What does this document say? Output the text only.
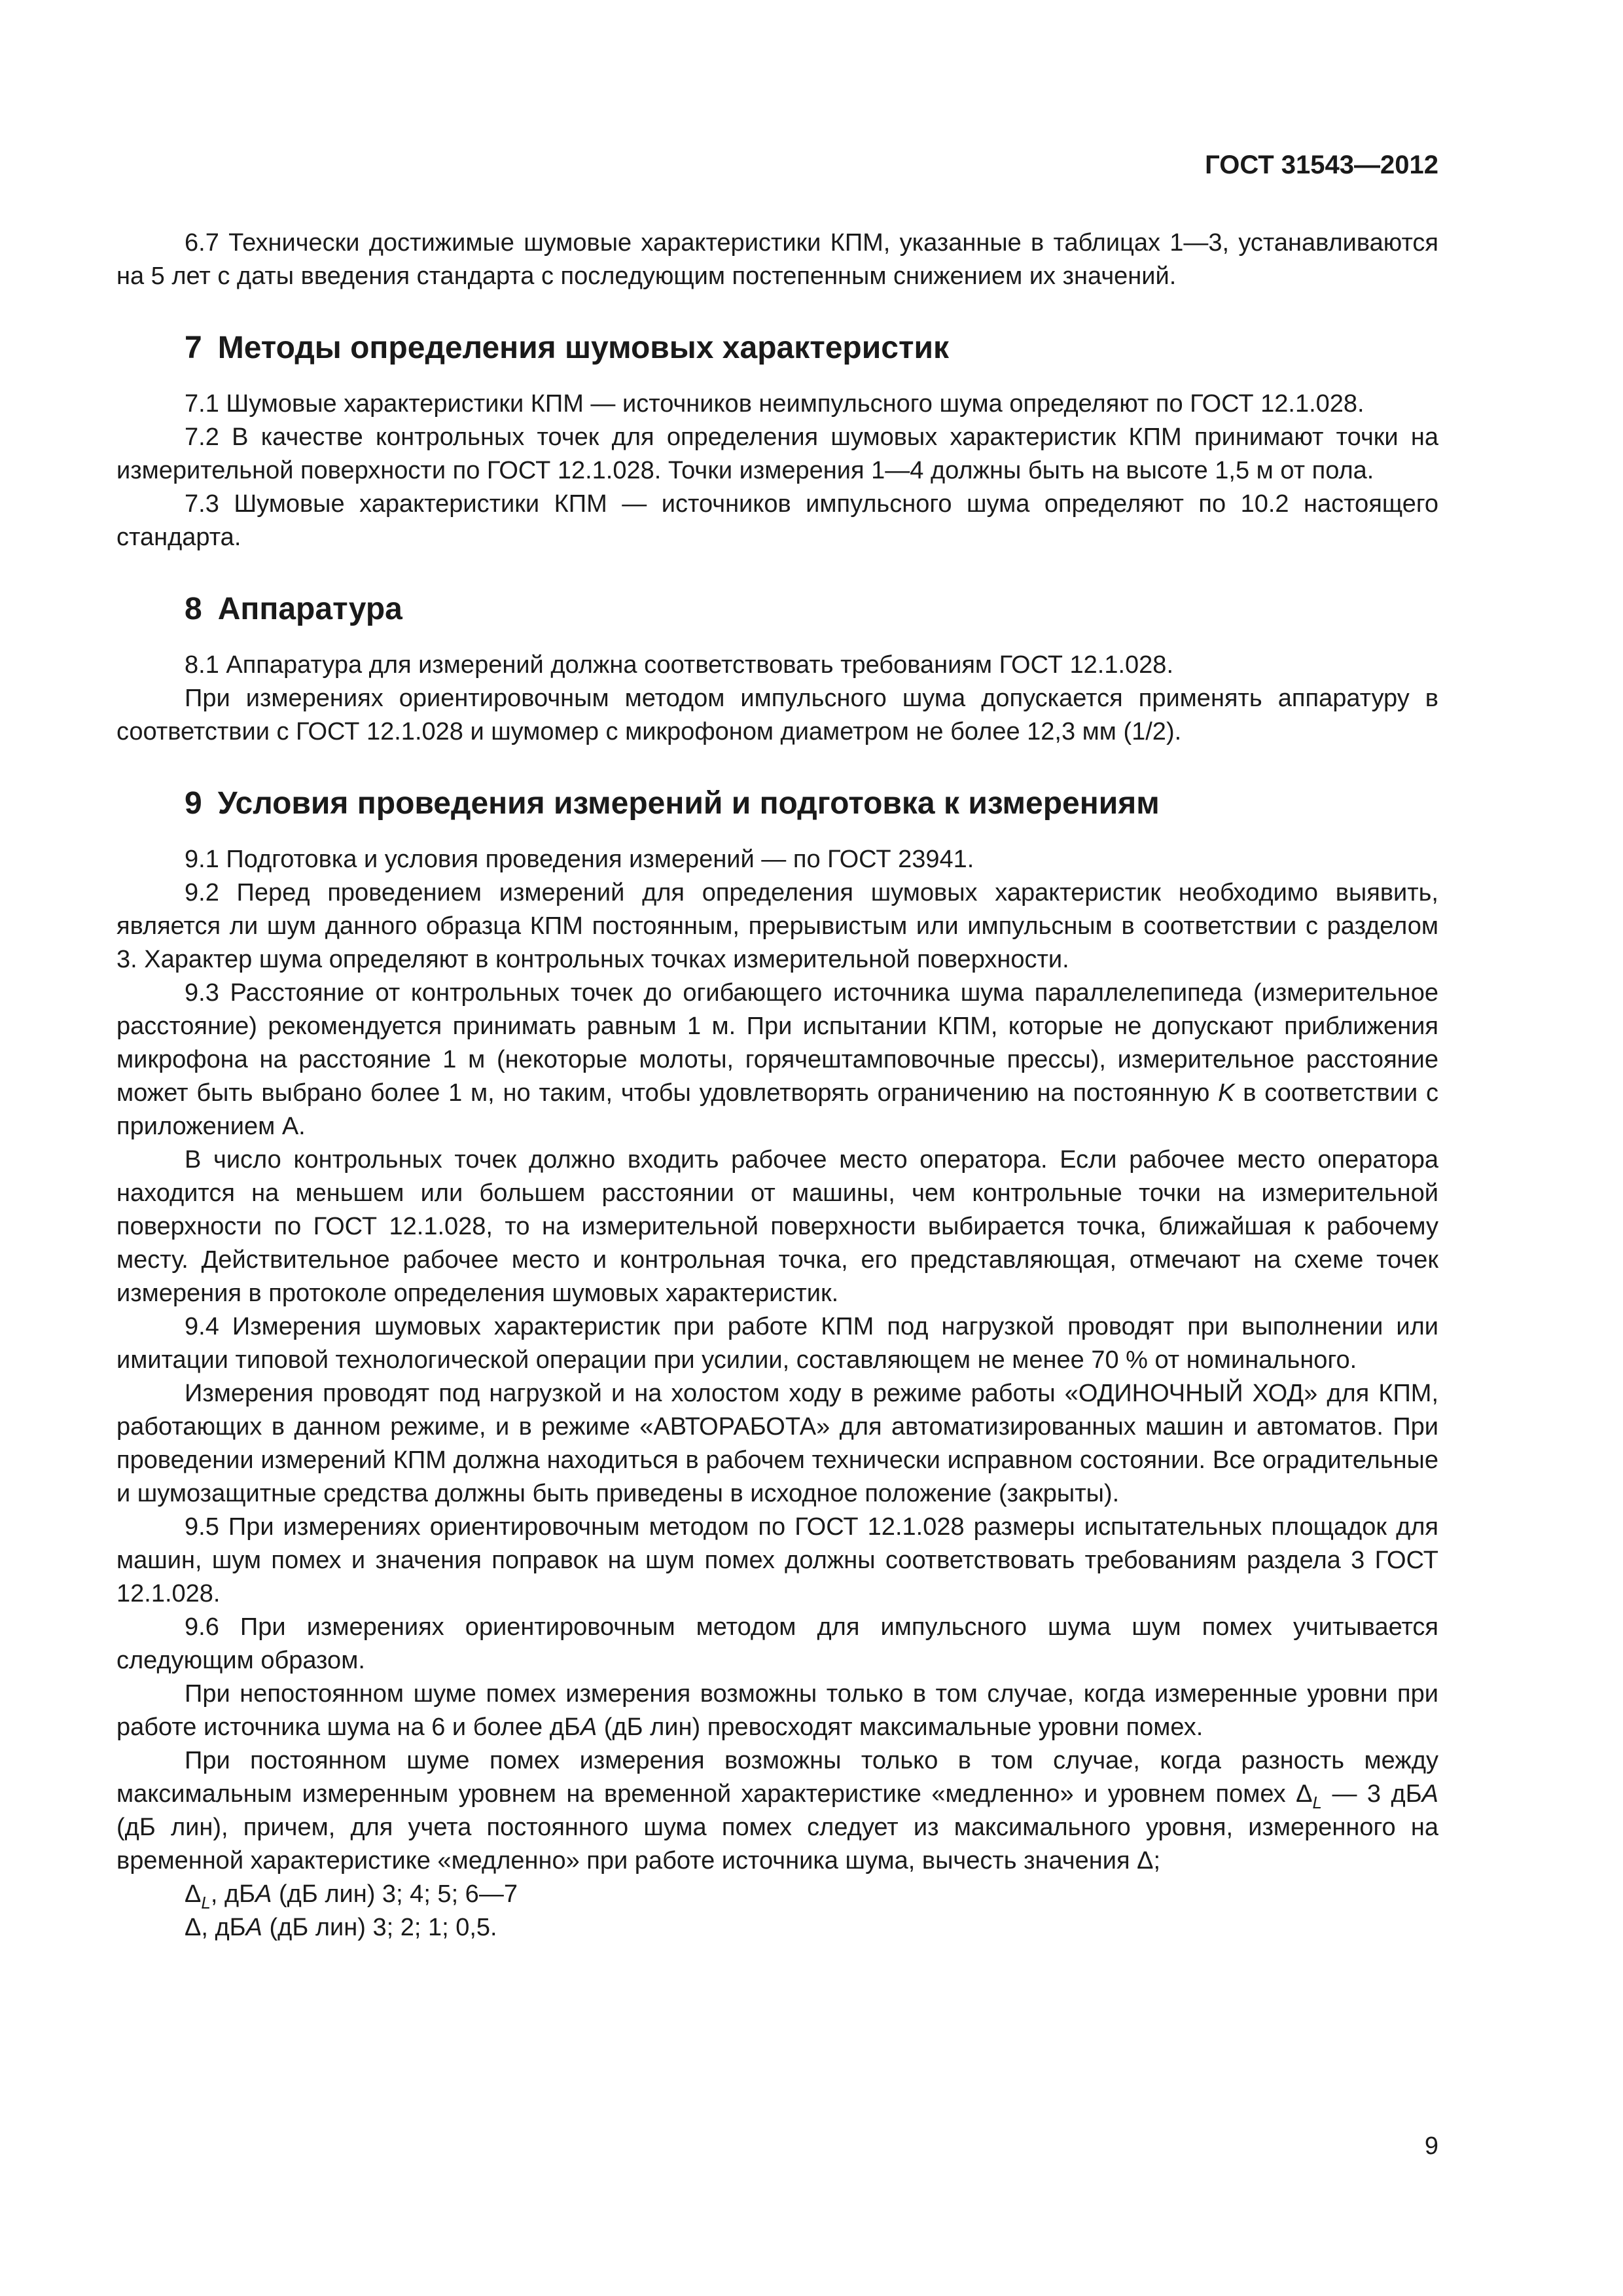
ГОСТ 31543—2012

6.7 Технически достижимые шумовые характеристики КПМ, указанные в таблицах 1—3, устанавливаются на 5 лет с даты введения стандарта с последующим постепенным снижением их значений.

7 Методы определения шумовых характеристик

7.1 Шумовые характеристики КПМ — источников неимпульсного шума определяют по ГОСТ 12.1.028.

7.2 В качестве контрольных точек для определения шумовых характеристик КПМ принимают точки на измерительной поверхности по ГОСТ 12.1.028. Точки измерения 1—4 должны быть на высоте 1,5 м от пола.

7.3 Шумовые характеристики КПМ — источников импульсного шума определяют по 10.2 настоящего стандарта.

8 Аппаратура

8.1 Аппаратура для измерений должна соответствовать требованиям ГОСТ 12.1.028.

При измерениях ориентировочным методом импульсного шума допускается применять аппаратуру в соответствии с ГОСТ 12.1.028 и шумомер с микрофоном диаметром не более 12,3 мм (1/2).

9 Условия проведения измерений и подготовка к измерениям

9.1 Подготовка и условия проведения измерений — по ГОСТ 23941.

9.2 Перед проведением измерений для определения шумовых характеристик необходимо выявить, является ли шум данного образца КПМ постоянным, прерывистым или импульсным в соответствии с разделом 3. Характер шума определяют в контрольных точках измерительной поверхности.

9.3 Расстояние от контрольных точек до огибающего источника шума параллелепипеда (измерительное расстояние) рекомендуется принимать равным 1 м. При испытании КПМ, которые не допускают приближения микрофона на расстояние 1 м (некоторые молоты, горячештамповочные прессы), измерительное расстояние может быть выбрано более 1 м, но таким, чтобы удовлетворять ограничению на постоянную K в соответствии с приложением А.

В число контрольных точек должно входить рабочее место оператора. Если рабочее место оператора находится на меньшем или большем расстоянии от машины, чем контрольные точки на измерительной поверхности по ГОСТ 12.1.028, то на измерительной поверхности выбирается точка, ближайшая к рабочему месту. Действительное рабочее место и контрольная точка, его представляющая, отмечают на схеме точек измерения в протоколе определения шумовых характеристик.

9.4 Измерения шумовых характеристик при работе КПМ под нагрузкой проводят при выполнении или имитации типовой технологической операции при усилии, составляющем не менее 70 % от номинального.

Измерения проводят под нагрузкой и на холостом ходу в режиме работы «ОДИНОЧНЫЙ ХОД» для КПМ, работающих в данном режиме, и в режиме «АВТОРАБОТА» для автоматизированных машин и автоматов. При проведении измерений КПМ должна находиться в рабочем технически исправном состоянии. Все оградительные и шумозащитные средства должны быть приведены в исходное положение (закрыты).

9.5 При измерениях ориентировочным методом по ГОСТ 12.1.028 размеры испытательных площадок для машин, шум помех и значения поправок на шум помех должны соответствовать требованиям раздела 3 ГОСТ 12.1.028.

9.6 При измерениях ориентировочным методом для импульсного шума шум помех учитывается следующим образом.

При непостоянном шуме помех измерения возможны только в том случае, когда измеренные уровни при работе источника шума на 6 и более дБА (дБ лин) превосходят максимальные уровни помех.

При постоянном шуме помех измерения возможны только в том случае, когда разность между максимальным измеренным уровнем на временной характеристике «медленно» и уровнем помех $\Delta_L$ — 3 дБА (дБ лин), причем, для учета постоянного шума помех следует из максимального уровня, измеренного на временной характеристике «медленно» при работе источника шума, вычесть значения Δ;

$\Delta_L$, дБА (дБ лин) 3; 4; 5; 6—7

Δ, дБА (дБ лин) 3; 2; 1; 0,5.

9
